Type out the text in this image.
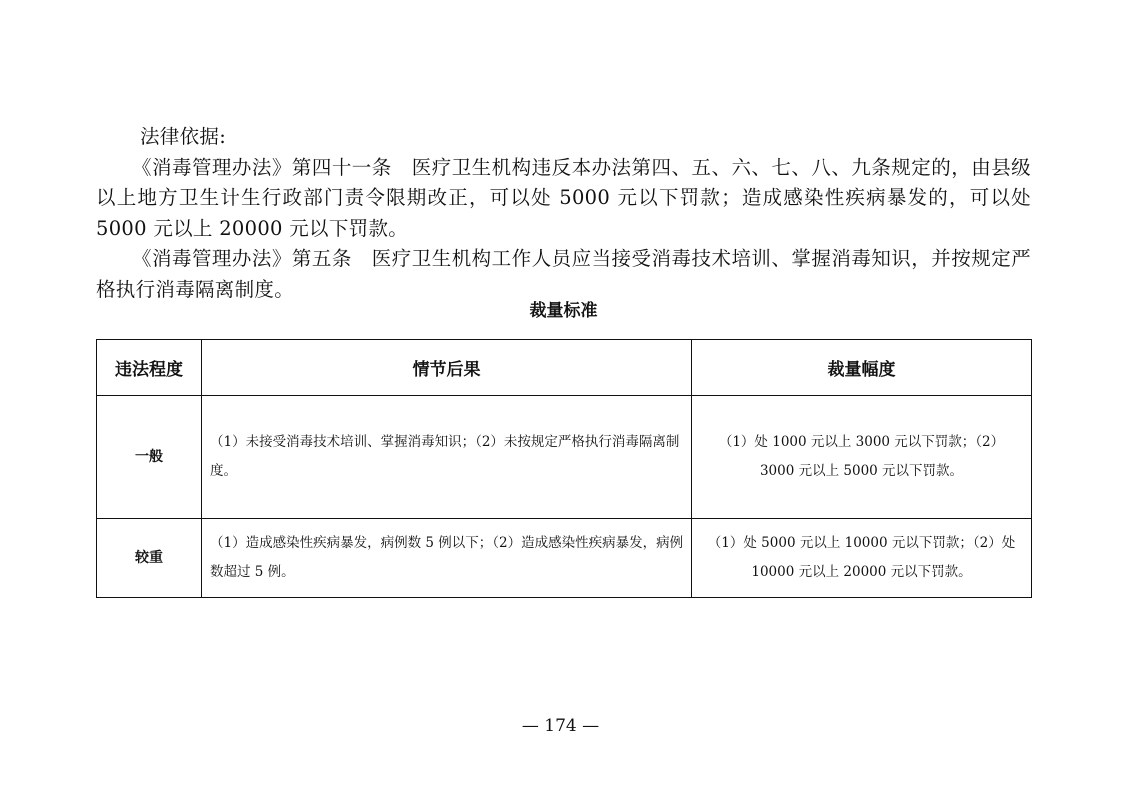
法律依据:

《消毒管理办法》第四十一条　医疗卫生机构违反本办法第四、五、六、七、八、九条规定的，由县级以上地方卫生计生行政部门责令限期改正，可以处 5000 元以下罚款；造成感染性疾病暴发的，可以处 5000 元以上 20000 元以下罚款。

《消毒管理办法》第五条　医疗卫生机构工作人员应当接受消毒技术培训、掌握消毒知识，并按规定严格执行消毒隔离制度。

裁量标准
违法程度	情节后果	裁量幅度
一般	（1）未接受消毒技术培训、掌握消毒知识；（2）未按规定严格执行消毒隔离制度。	（1）处 1000 元以上 3000 元以下罚款；（2）3000 元以上 5000 元以下罚款。
较重	（1）造成感染性疾病暴发，病例数 5 例以下；（2）造成感染性疾病暴发，病例数超过 5 例。	（1）处 5000 元以上 10000 元以下罚款；（2）处 10000 元以上 20000 元以下罚款。
— 174 —
